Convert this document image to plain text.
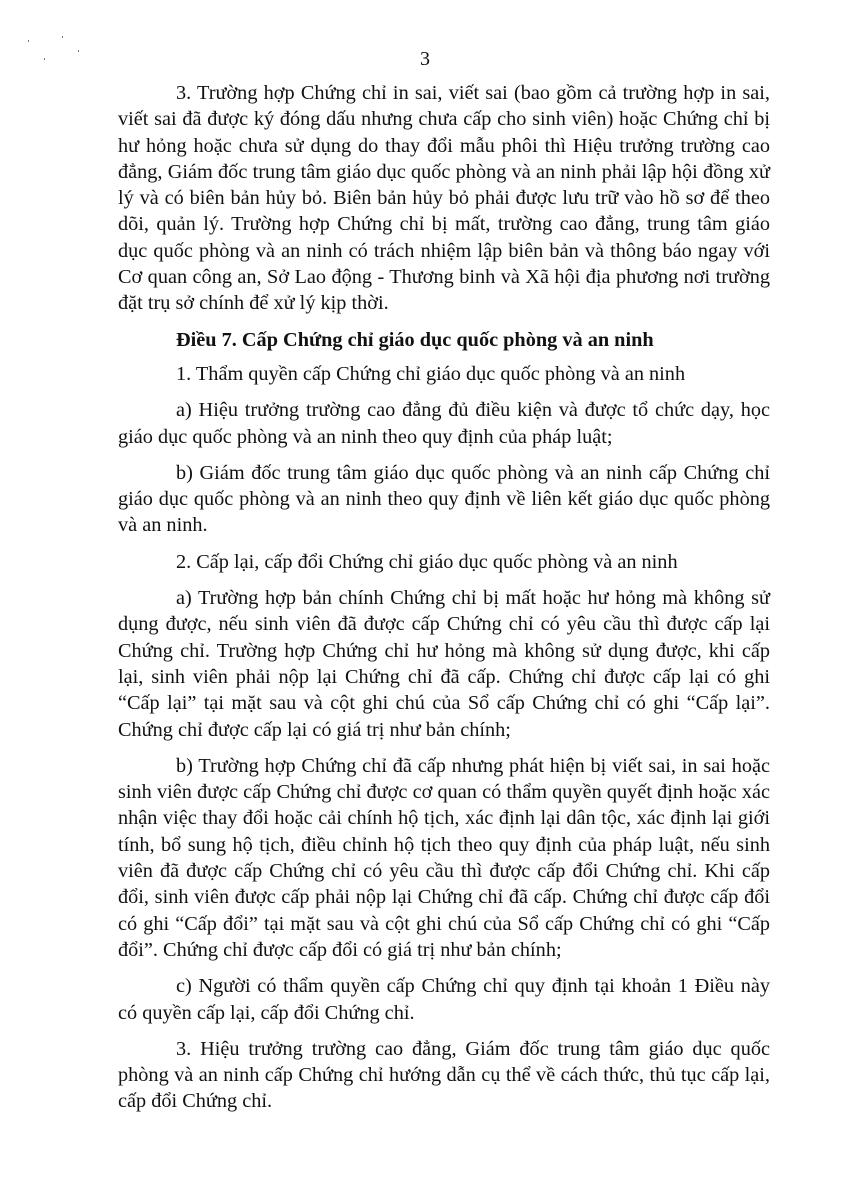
3

3. Trường hợp Chứng chỉ in sai, viết sai (bao gồm cả trường hợp in sai, viết sai đã được ký đóng dấu nhưng chưa cấp cho sinh viên) hoặc Chứng chỉ bị hư hỏng hoặc chưa sử dụng do thay đổi mẫu phôi thì Hiệu trưởng trường cao đẳng, Giám đốc trung tâm giáo dục quốc phòng và an ninh phải lập hội đồng xử lý và có biên bản hủy bỏ. Biên bản hủy bỏ phải được lưu trữ vào hồ sơ để theo dõi, quản lý. Trường hợp Chứng chỉ bị mất, trường cao đẳng, trung tâm giáo dục quốc phòng và an ninh có trách nhiệm lập biên bản và thông báo ngay với Cơ quan công an, Sở Lao động - Thương binh và Xã hội địa phương nơi trường đặt trụ sở chính để xử lý kịp thời.

Điều 7. Cấp Chứng chỉ giáo dục quốc phòng và an ninh

1. Thẩm quyền cấp Chứng chỉ giáo dục quốc phòng và an ninh

a) Hiệu trưởng trường cao đẳng đủ điều kiện và được tổ chức dạy, học giáo dục quốc phòng và an ninh theo quy định của pháp luật;

b) Giám đốc trung tâm giáo dục quốc phòng và an ninh cấp Chứng chỉ giáo dục quốc phòng và an ninh theo quy định về liên kết giáo dục quốc phòng và an ninh.

2. Cấp lại, cấp đổi Chứng chỉ giáo dục quốc phòng và an ninh

a) Trường hợp bản chính Chứng chỉ bị mất hoặc hư hỏng mà không sử dụng được, nếu sinh viên đã được cấp Chứng chỉ có yêu cầu thì được cấp lại Chứng chỉ. Trường hợp Chứng chỉ hư hỏng mà không sử dụng được, khi cấp lại, sinh viên phải nộp lại Chứng chỉ đã cấp. Chứng chỉ được cấp lại có ghi “Cấp lại” tại mặt sau và cột ghi chú của Sổ cấp Chứng chỉ có ghi “Cấp lại”. Chứng chỉ được cấp lại có giá trị như bản chính;

b) Trường hợp Chứng chỉ đã cấp nhưng phát hiện bị viết sai, in sai hoặc sinh viên được cấp Chứng chỉ được cơ quan có thẩm quyền quyết định hoặc xác nhận việc thay đổi hoặc cải chính hộ tịch, xác định lại dân tộc, xác định lại giới tính, bổ sung hộ tịch, điều chỉnh hộ tịch theo quy định của pháp luật, nếu sinh viên đã được cấp Chứng chỉ có yêu cầu thì được cấp đổi Chứng chỉ. Khi cấp đổi, sinh viên được cấp phải nộp lại Chứng chỉ đã cấp. Chứng chỉ được cấp đổi có ghi “Cấp đổi” tại mặt sau và cột ghi chú của Sổ cấp Chứng chỉ có ghi “Cấp đổi”. Chứng chỉ được cấp đổi có giá trị như bản chính;

c) Người có thẩm quyền cấp Chứng chỉ quy định tại khoản 1 Điều này có quyền cấp lại, cấp đổi Chứng chỉ.

3. Hiệu trưởng trường cao đẳng, Giám đốc trung tâm giáo dục quốc phòng và an ninh cấp Chứng chỉ hướng dẫn cụ thể về cách thức, thủ tục cấp lại, cấp đổi Chứng chỉ.
